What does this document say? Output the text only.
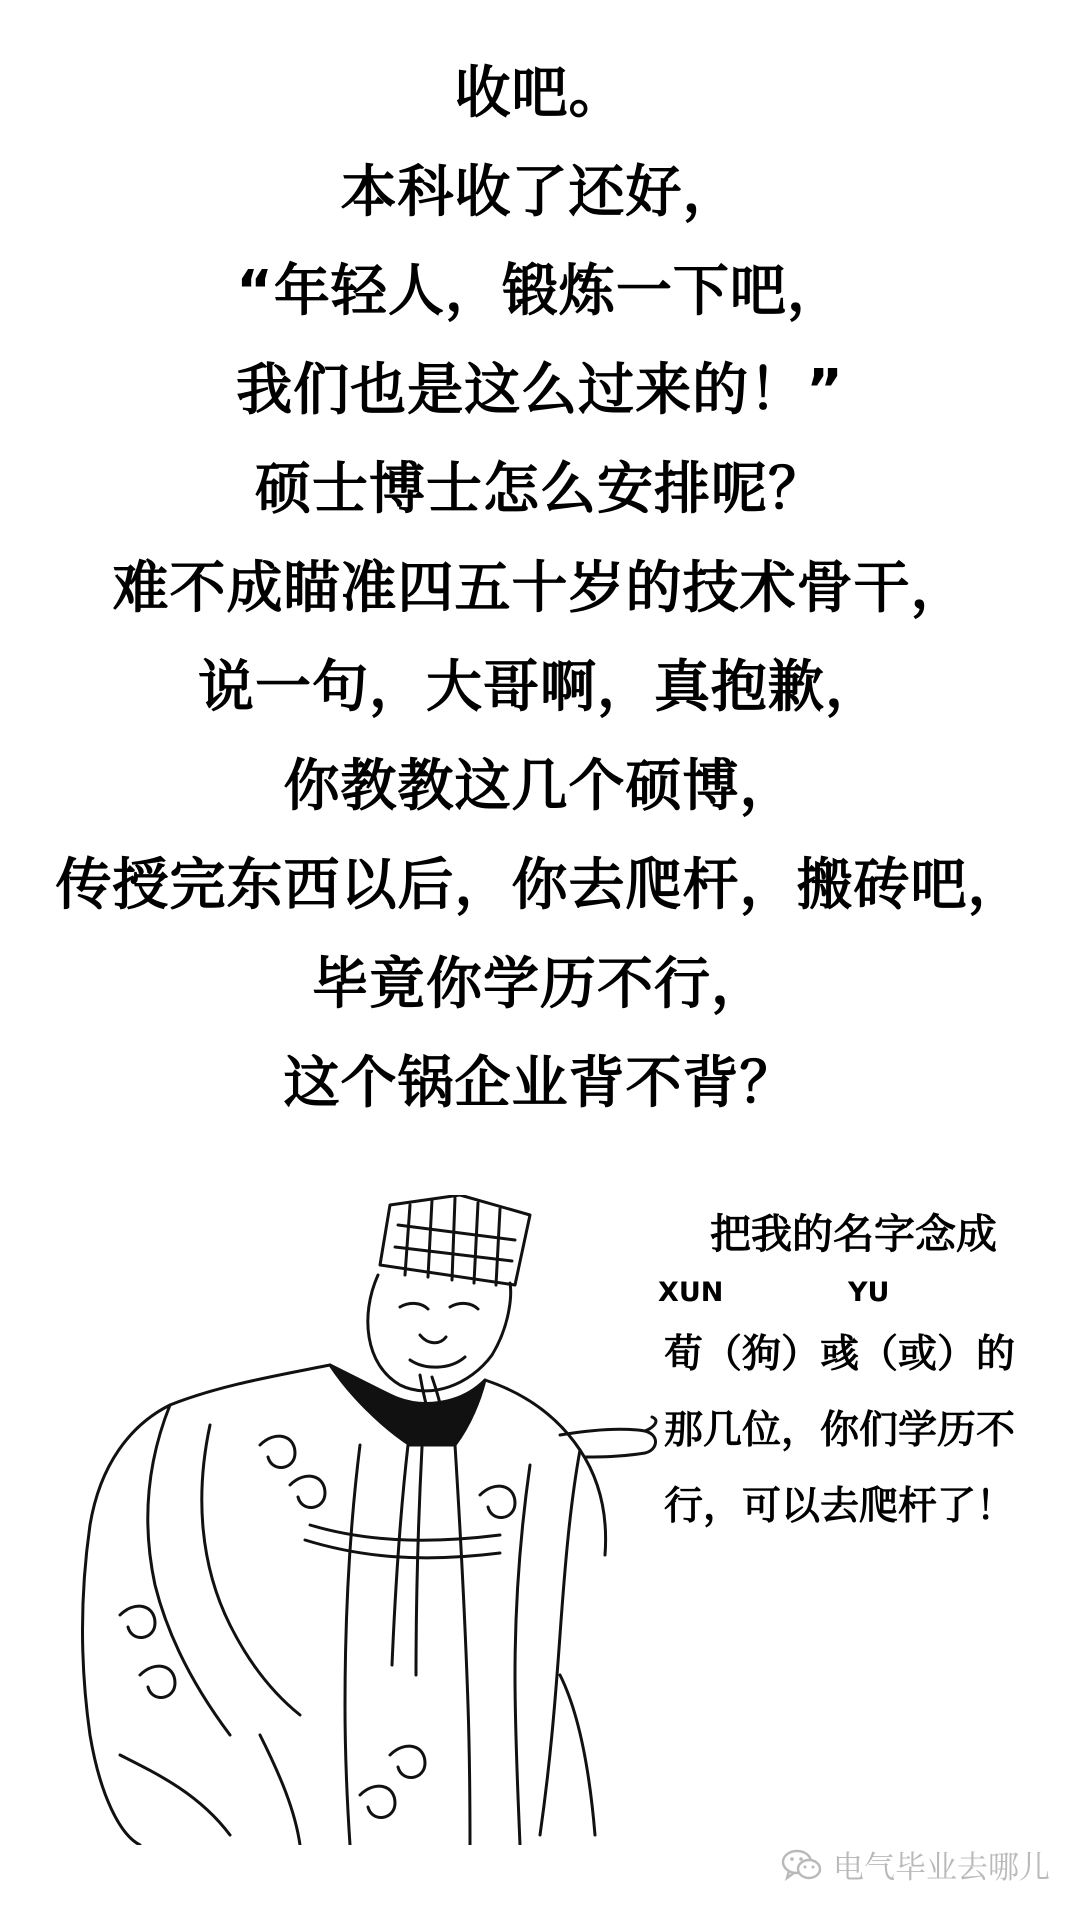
收吧。
本科收了还好，
“年轻人，锻炼一下吧，
我们也是这么过来的！”
硕士博士怎么安排呢？
难不成瞄准四五十岁的技术骨干，
说一句，大哥啊，真抱歉，
你教教这几个硕博，
传授完东西以后，你去爬杆，搬砖吧，
毕竟你学历不行，
这个锅企业背不背？
把我的名字念成
XUN	YU
荀（狗）彧（或）的
那几位，你们学历不
行，可以去爬杆了！
电气毕业去哪儿
